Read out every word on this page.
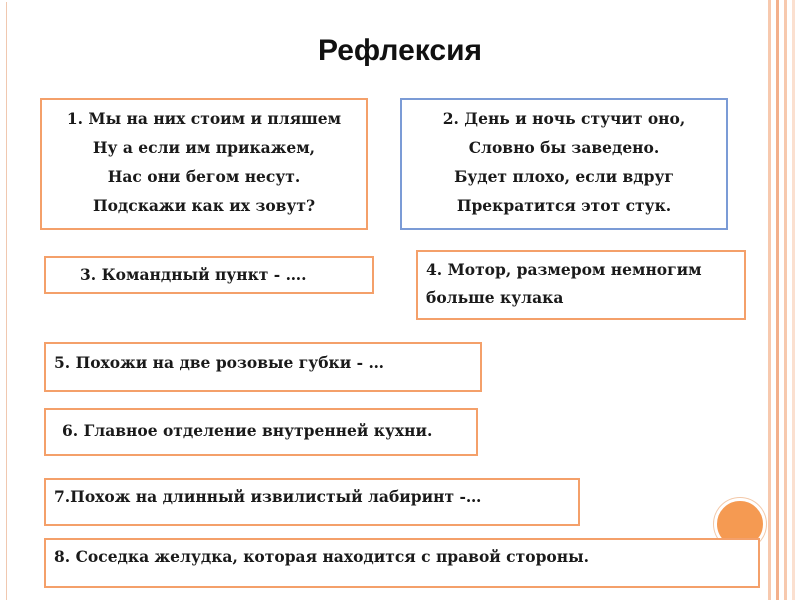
Рефлексия
1. Мы на них стоим и пляшем
Ну а если им прикажем,
Нас они бегом несут.
Подскажи как их зовут?
2. День и ночь стучит оно,
Словно бы заведено.
Будет плохо, если вдруг
Прекратится этот стук.
3. Командный пункт - ….	4. Мотор, размером немногим
больше кулака
5. Похожи на две розовые губки - …
6. Главное отделение внутренней кухни.
7.Похож на длинный извилистый лабиринт -…
8. Соседка желудка, которая находится с правой стороны.
